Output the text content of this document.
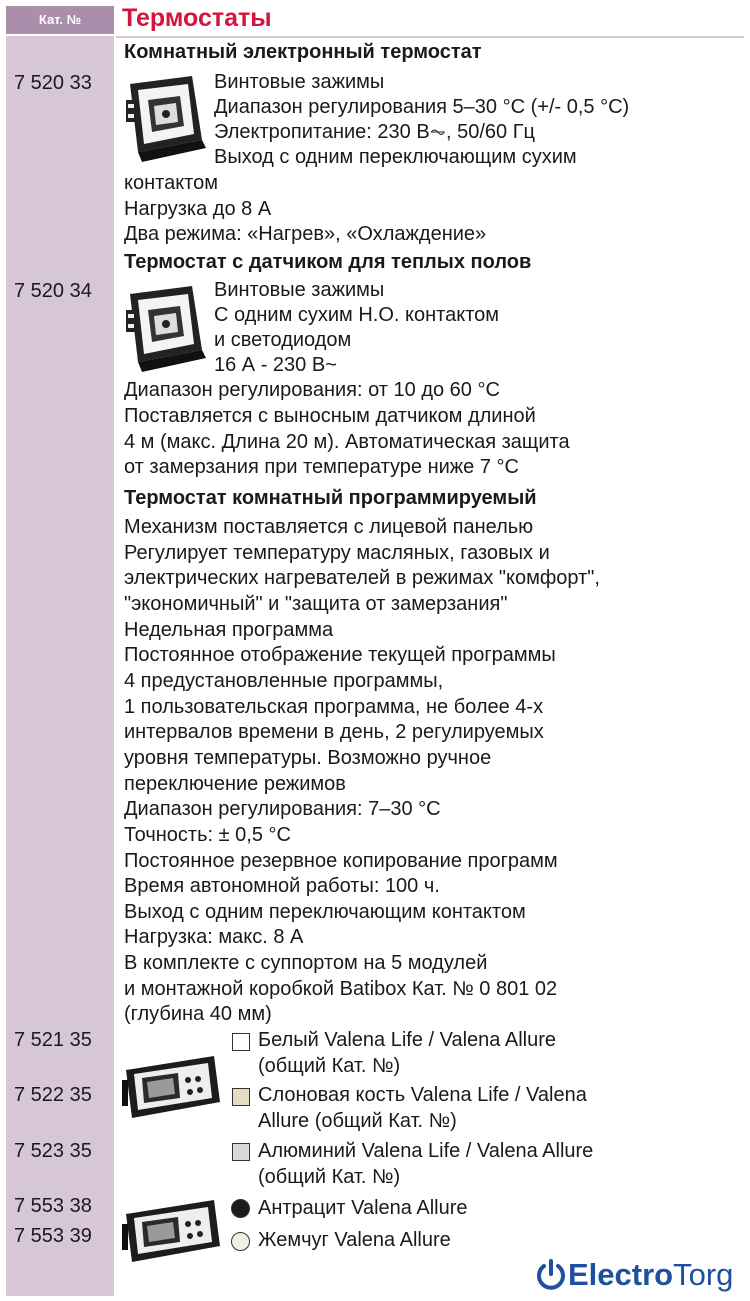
Кат. №	Термостаты
Комнатный электронный термостат
7 520 33	Винтовые зажимы
Диапазон регулирования 5–30 °C (+/- 0,5 °C)
Электропитание: 230 В⏦, 50/60 Гц
Выход с одним переключающим сухим
контактом
Нагрузка до 8 А
Два режима: «Нагрев», «Охлаждение»
Термостат с датчиком для теплых полов
7 520 34	Винтовые зажимы
С одним сухим Н.О. контактом
и светодиодом
16 А - 230 В~
Диапазон регулирования: от 10 до 60 °C
Поставляется с выносным датчиком длиной
4 м (макс. Длина 20 м). Автоматическая защита
от замерзания при температуре ниже 7 °C
Термостат комнатный программируемый
Механизм поставляется с лицевой панелью
Регулирует температуру масляных, газовых и
электрических нагревателей в режимах "комфорт",
"экономичный" и "защита от замерзания"
Недельная программа
Постоянное отображение текущей программы
4 предустановленные программы,
1 пользовательская программа, не более 4-х
интервалов времени в день, 2 регулируемых
уровня температуры. Возможно ручное
переключение режимов
Диапазон регулирования: 7–30 °C
Точность: ± 0,5 °C
Постоянное резервное копирование программ
Время автономной работы: 100 ч.
Выход с одним переключающим контактом
Нагрузка: макс. 8 А
В комплекте с суппортом на 5 модулей
и монтажной коробкой Batibox Кат. № 0 801 02
(глубина 40 мм)
7 521 35	Белый Valena Life / Valena Allure
(общий Кат. №)
7 522 35	Слоновая кость Valena Life / Valena
Allure (общий Кат. №)
7 523 35	Алюминий Valena Life / Valena Allure
(общий Кат. №)
7 553 38	Антрацит Valena Allure
7 553 39	Жемчуг Valena Allure
Electro Torg
